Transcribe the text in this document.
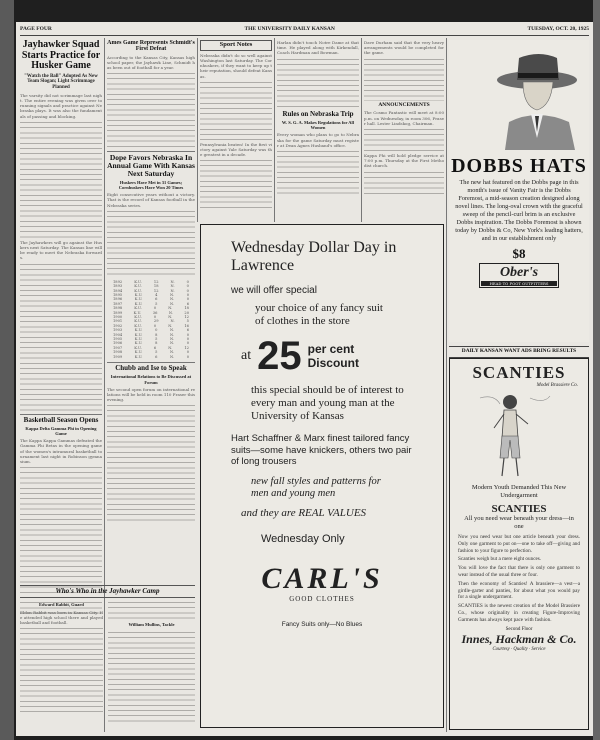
PAGE FOUR	THE UNIVERSITY DAILY KANSAN	TUESDAY, OCT. 20, 1925
Jayhawker Squad Starts Practice for Husker Game
"Watch the Ball" Adopted As New Team Slogan; Light Scrimmage Planned
The varsity did not scrimmage last night. The entire evening was given over to running signals and practice against Nebraska plays. It was also the fundamentals of passing and blocking.
The Jayhawkers will go against the Huskers next Saturday. The Kansas line will be ready to meet the Nebraska forwards.
Basketball Season Opens
Kappa Delta Gamma Phi in Opening Game
The Kappa Kappa Gammas defeated the Gamma Phi Betas in the opening game of the women's intramural basketball tournament last night in Robinson gymnasium.
Who's Who in the Jayhawker Camp
Edward Rabbit, Guard
Eldon Rabbit was born in Kansas City. He attended high school there and played basketball and football.	William Mullins, Tackle
Ames Game Represents Schmidt's First Defeat
According to the Kansas City, Kansas high school paper, the Jayhawk Line, Schmidt has been out of football for a year.
Dope Favors Nebraska In Annual Game With Kansas Next Saturday
Huskers Have Met in 31 Games; Cornhuskers Have Won 20 Times
Eight consecutive years without a victory. That is the record of Kansas football in the Nebraska series.
1892	K.U.	12	N.	0
1893	K.U.	18	N.	0
1894	K.U.	12	N.	0
1895	K.U.	4	N.	0
1896	K.U.	6	N.	0
1897	K.U.	5	N.	6
1898	K.U.	0	N.	18
1899	K.U.	36	N.	20
1900	K.U.	0	N.	12
1901	K.U.	29	N.	5
1902	K.U.	0	N.	16
1903	K.U.	0	N.	6
1904	K.U.	8	N.	0
1905	K.U.	5	N.	0
1906	K.U.	8	N.	0
1907	K.U.	6	N.	12
1908	K.U.	5	N.	0
1909	K.U.	6	N.	0
Chubb and Ise to Speak
International Relations to Be Discussed at Forum
The second open forum on international relations will be held in room 110 Fraser this evening.
Sport Notes
Nebraska didn't do so well against Washington last Saturday. The Cornhuskers, if they want to keep up their reputation, should defeat Kansas.
Pennsylvania beaten! In the first victory against Yale Saturday was the greatest in a decade.
Harlan didn't touch Notre Dame at that time. He played along with Kirkendall, Coach Hardman and Bowman.
Rules on Nebraska Trip
W. S. G. A. Makes Regulations for All Women
Every woman who plans to go to Nebraska for the game Saturday must register at Dean Agnes Husband's office.
Dave Durham said that the very heavy arrangements would be completed for the game.
ANNOUNCEMENTS
The Cosmo Fantastic will meet at 8:00 p.m. on Wednesday, in room 306, Fraser hall. Lester Lindskog, Chairman.
Kappa Phi will hold pledge service at 7:00 p.m. Thursday at the First Methodist church.	DOBBS HATS
The new hat featured on the Dobbs page in this month's issue of Vanity Fair is the Dobbs Foremost, a mid-season creation designed along novel lines. The long-oval crown with the graceful sweep of the pencil-curl brim is an exclusive Dobbs inspiration. The Dobbs Foremost is shown today by Dobbs & Co, New York's leading hatters, and in our establishment only
$8
Ober's
HEAD TO FOOT OUTFITTERS
DAILY KANSAN WANT ADS BRING RESULTS
Wednesday Dollar Day in Lawrence
we will offer special
your choice of any fancy suit of clothes in the store
at 25 per cent
Discount
this special should be of interest to every man and young man at the University of Kansas
Hart Schaffner & Marx finest tailored fancy suits—some have knickers, others two pair of long trousers
new fall styles and patterns for men and young men
and they are REAL VALUES
Wednesday Only
CARL'S
GOOD CLOTHES
Fancy Suits only—No Blues
SCANTIES
Model Brassiere Co.
Modern Youth Demanded This New Undergarment
SCANTIES
All you need wear beneath your dress—in one

Now you need wear but one article beneath your dress. Only one garment to put on—one to take off—giving and fashion to your figure to perfection.

Scanties weigh but a mere eight ounces.

You will love the fact that there is only one garment to wear instead of the usual three or four.

Then the economy of Scanties! A brassiere—a vest—a girdle-garter and panties, for about what you would pay for a single undergarment.

SCANTIES is the newest creation of the Model Brassiere Co., whose originality in creating Figure-Improving Garments has always kept pace with fashion.

Second Floor
Innes, Hackman & Co.
Courtesy · Quality · Service
